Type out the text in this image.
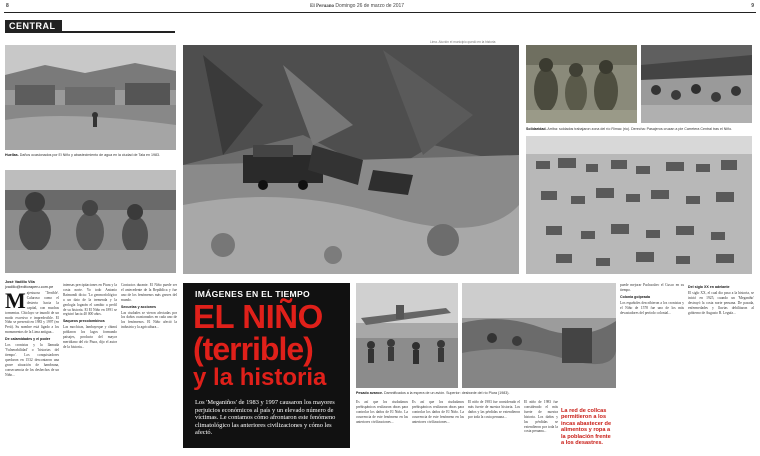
8	El Peruano Domingo 26 de marzo de 2017	9
CENTRAL
Huellas. Daños ocasionados por El Niño y abastecimiento de agua en la ciudad de Tala en 1983.
Lima. Aluvión el municipio quedó en la historia
Solidaridad. Arriba: soldados trabajaron zona del río Rímac (rio). Derecha: Pasajeros cruzan a pie Carretera Central tras el Niño.
José Vadillo Vila
jvadillo@editoraperu.com.pe
M ajestuoso 'Terrible'. Caluroso como el desierto hacia la capital, con muchas tormentas. Chiclayo se inundó de un modo excesivo e impredecible. El Niño se presentó en 1983 y 1997 (en Perú). Su nombre está ligado a los monumentos de la Lima antigua...

De calamidades y el poder

Los cronistas y la llamada 'Vulnerabilidad' o 'historias del tiempo'. Los conquistadores quedaron en 1532 descontaron una grave situación de hambruna, consecuencia de los deshechos de un Niño...

intensas precipitaciones en Piura y la costa norte. Yo todo Antonio Raimondi dicta: 'Lo geomorfológico a un dato de la tremenda y la geología logarán el cambio a perfil de su historia. El El Niño en 1891 se registró hacia 40 000 años.

Saqueos precolombinos

Las mochicas, lambayeque y chimú poblaron los lagos formando paisajes, producto del mayor meridiano del río Piura, dijo el autor de la historia...

Contactos durante. El Niño puede ser el antecedente de la República y fue uno de los fenómenos más graves del mundo.

Secuelas y acciones

Las ciudades se vieron afectadas por los daños ocasionados en cada uno de los fenómenos. El Niño afectó la industria y la agricultura...

IMÁGENES EN EL TIEMPO
EL NIÑO
(terrible)
y la historia
Los 'Meganiños' de 1983 y 1997 causaron los mayores perjuicios económicos al país y un elevado número de víctimas. Le contamos cómo afrontaron este fenómeno climatológico las anteriores civilizaciones y cómo les afectó.
Pesado avance. Damnificados a la espera de un avión. Superior: desborde del río Piura (1983).

Es así que los ciudadanos prehispánicos realizaron obras para controlar los daños de El Niño. La ocurrencia de este fenómeno en las anteriores civilizaciones...

Es así que los ciudadanos prehispánicos realizaron obras para controlar los daños de El Niño. La ocurrencia de este fenómeno en las anteriores civilizaciones...

El niño de 1983 fue considerado el más fuerte de nuestra historia. Los daños y las pérdidas se extendieron por toda la costa peruana...

El niño de 1983 fue considerado el más fuerte de nuestra historia. Los daños y las pérdidas se extendieron por toda la costa peruana...

La red de collcas permitieron a los incas abastecer de alimentos y ropa a la población frente a los desastres.

puede mejorar Pachacútec el Cusco en su tiempo.

Colonia golpeada

Los españoles describieron a los cronistas y el Niño de 1578 fue uno de los más devastadores del período colonial...

Del siglo XX en adelante

El siglo XX, el cual dio paso a la historia, se inició en 1925, cuando un 'Meganiño' destruyó la costa norte peruana. De pasada, enfermedades y lluvias debilitaron al gobierno de Augusto B. Leguía...
